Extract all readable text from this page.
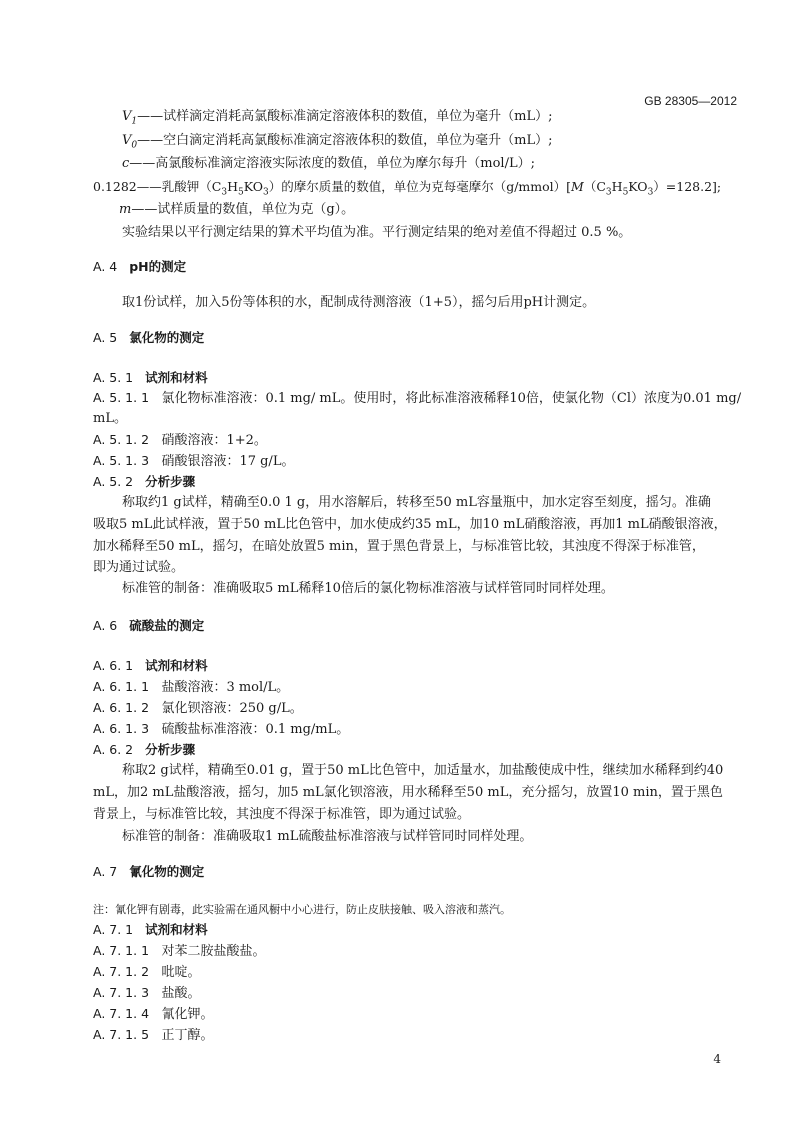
GB 28305—2012
$V_1——$试样滴定消耗高氯酸标准滴定溶液体积的数值，单位为毫升（mL）;
$V_0——$空白滴定消耗高氯酸标准滴定溶液体积的数值，单位为毫升（mL）;
c——高氯酸标准滴定溶液实际浓度的数值，单位为摩尔每升（mol/L）;
0.1282——乳酸钾$(C_3H_5KO_3)$的摩尔质量的数值，单位为克每毫摩尔$(g/mmol)[M(C_3H_5KO_3)=128.2]$;
m——试样质量的数值，单位为克（g）。
实验结果以平行测定结果的算术平均值为准。平行测定结果的绝对差值不得超过 0.5 %。
A. 4 pH的测定
取1份试样，加入5份等体积的水，配制成待测溶液（1+5），摇匀后用pH计测定。
A. 5 氯化物的测定
A. 5. 1 试剂和材料
A. 5. 1. 1 氯化物标准溶液：0.1 mg/ mL。使用时，将此标准溶液稀释10倍，使氯化物（Cl）浓度为0.01 mg/
mL。
A. 5. 1. 2 硝酸溶液：1+2。
A. 5. 1. 3 硝酸银溶液：17 g/L。
A. 5. 2 分析步骤
称取约1 g试样，精确至0.0 1 g，用水溶解后，转移至50 mL容量瓶中，加水定容至刻度，摇匀。准确
吸取5 mL此试样液，置于50 mL比色管中，加水使成约35 mL，加10 mL硝酸溶液，再加1 mL硝酸银溶液，
加水稀释至50 mL，摇匀，在暗处放置5 min，置于黑色背景上，与标准管比较，其浊度不得深于标准管，
即为通过试验。
标准管的制备：准确吸取5 mL稀释10倍后的氯化物标准溶液与试样管同时同样处理。
A. 6 硫酸盐的测定
A. 6. 1 试剂和材料
A. 6. 1. 1 盐酸溶液：3 mol/L。
A. 6. 1. 2 氯化钡溶液：250 g/L。
A. 6. 1. 3 硫酸盐标准溶液：0.1 mg/mL。
A. 6. 2 分析步骤
称取2 g试样，精确至0.01 g，置于50 mL比色管中，加适量水，加盐酸使成中性，继续加水稀释到约40
mL，加2 mL盐酸溶液，摇匀，加5 mL氯化钡溶液，用水稀释至50 mL，充分摇匀，放置10 min，置于黑色
背景上，与标准管比较，其浊度不得深于标准管，即为通过试验。
标准管的制备：准确吸取1 mL硫酸盐标准溶液与试样管同时同样处理。
A. 7 氰化物的测定
注：氰化钾有剧毒，此实验需在通风橱中小心进行，防止皮肤接触、吸入溶液和蒸汽。
A. 7. 1 试剂和材料
A. 7. 1. 1 对苯二胺盐酸盐。
A. 7. 1. 2 吡啶。
A. 7. 1. 3 盐酸。
A. 7. 1. 4 氰化钾。
A. 7. 1. 5 正丁醇。
4
